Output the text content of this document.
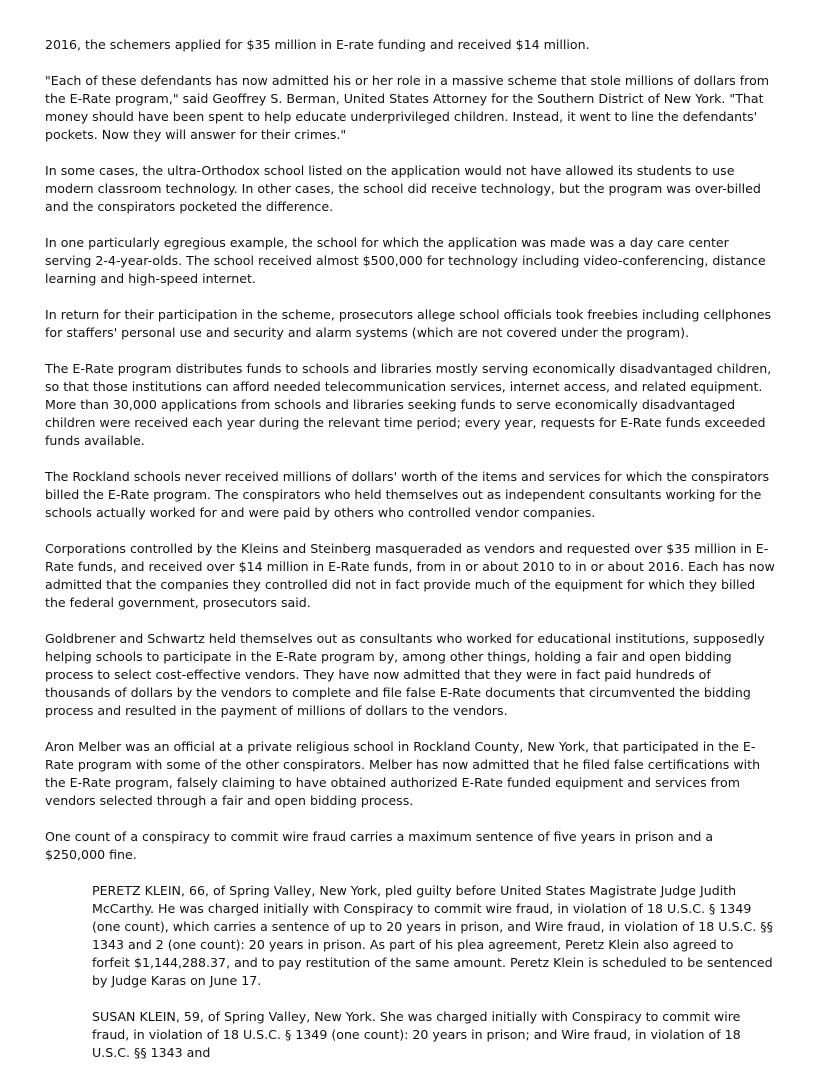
2016, the schemers applied for $35 million in E-rate funding and received $14 million.

"Each of these defendants has now admitted his or her role in a massive scheme that stole millions of dollars from the E-Rate program," said Geoffrey S. Berman, United States Attorney for the Southern District of New York. "That money should have been spent to help educate underprivileged children. Instead, it went to line the defendants' pockets. Now they will answer for their crimes."

In some cases, the ultra-Orthodox school listed on the application would not have allowed its students to use modern classroom technology. In other cases, the school did receive technology, but the program was over-billed and the conspirators pocketed the difference.

In one particularly egregious example, the school for which the application was made was a day care center serving 2-4-year-olds. The school received almost $500,000 for technology including video-conferencing, distance learning and high-speed internet.

In return for their participation in the scheme, prosecutors allege school officials took freebies including cellphones for staffers' personal use and security and alarm systems (which are not covered under the program).

The E-Rate program distributes funds to schools and libraries mostly serving economically disadvantaged children, so that those institutions can afford needed telecommunication services, internet access, and related equipment. More than 30,000 applications from schools and libraries seeking funds to serve economically disadvantaged children were received each year during the relevant time period; every year, requests for E-Rate funds exceeded funds available.

The Rockland schools never received millions of dollars' worth of the items and services for which the conspirators billed the E-Rate program. The conspirators who held themselves out as independent consultants working for the schools actually worked for and were paid by others who controlled vendor companies.

Corporations controlled by the Kleins and Steinberg masqueraded as vendors and requested over $35 million in E-Rate funds, and received over $14 million in E-Rate funds, from in or about 2010 to in or about 2016. Each has now admitted that the companies they controlled did not in fact provide much of the equipment for which they billed the federal government, prosecutors said.

Goldbrener and Schwartz held themselves out as consultants who worked for educational institutions, supposedly helping schools to participate in the E-Rate program by, among other things, holding a fair and open bidding process to select cost-effective vendors. They have now admitted that they were in fact paid hundreds of thousands of dollars by the vendors to complete and file false E-Rate documents that circumvented the bidding process and resulted in the payment of millions of dollars to the vendors.

Aron Melber was an official at a private religious school in Rockland County, New York, that participated in the E-Rate program with some of the other conspirators. Melber has now admitted that he filed false certifications with the E-Rate program, falsely claiming to have obtained authorized E-Rate funded equipment and services from vendors selected through a fair and open bidding process.

One count of a conspiracy to commit wire fraud carries a maximum sentence of five years in prison and a $250,000 fine.

PERETZ KLEIN, 66, of Spring Valley, New York, pled guilty before United States Magistrate Judge Judith McCarthy. He was charged initially with Conspiracy to commit wire fraud, in violation of 18 U.S.C. § 1349 (one count), which carries a sentence of up to 20 years in prison, and Wire fraud, in violation of 18 U.S.C. §§ 1343 and 2 (one count): 20 years in prison. As part of his plea agreement, Peretz Klein also agreed to forfeit $1,144,288.37, and to pay restitution of the same amount. Peretz Klein is scheduled to be sentenced by Judge Karas on June 17.

SUSAN KLEIN, 59, of Spring Valley, New York. She was charged initially with Conspiracy to commit wire fraud, in violation of 18 U.S.C. § 1349 (one count): 20 years in prison; and Wire fraud, in violation of 18 U.S.C. §§ 1343 and
